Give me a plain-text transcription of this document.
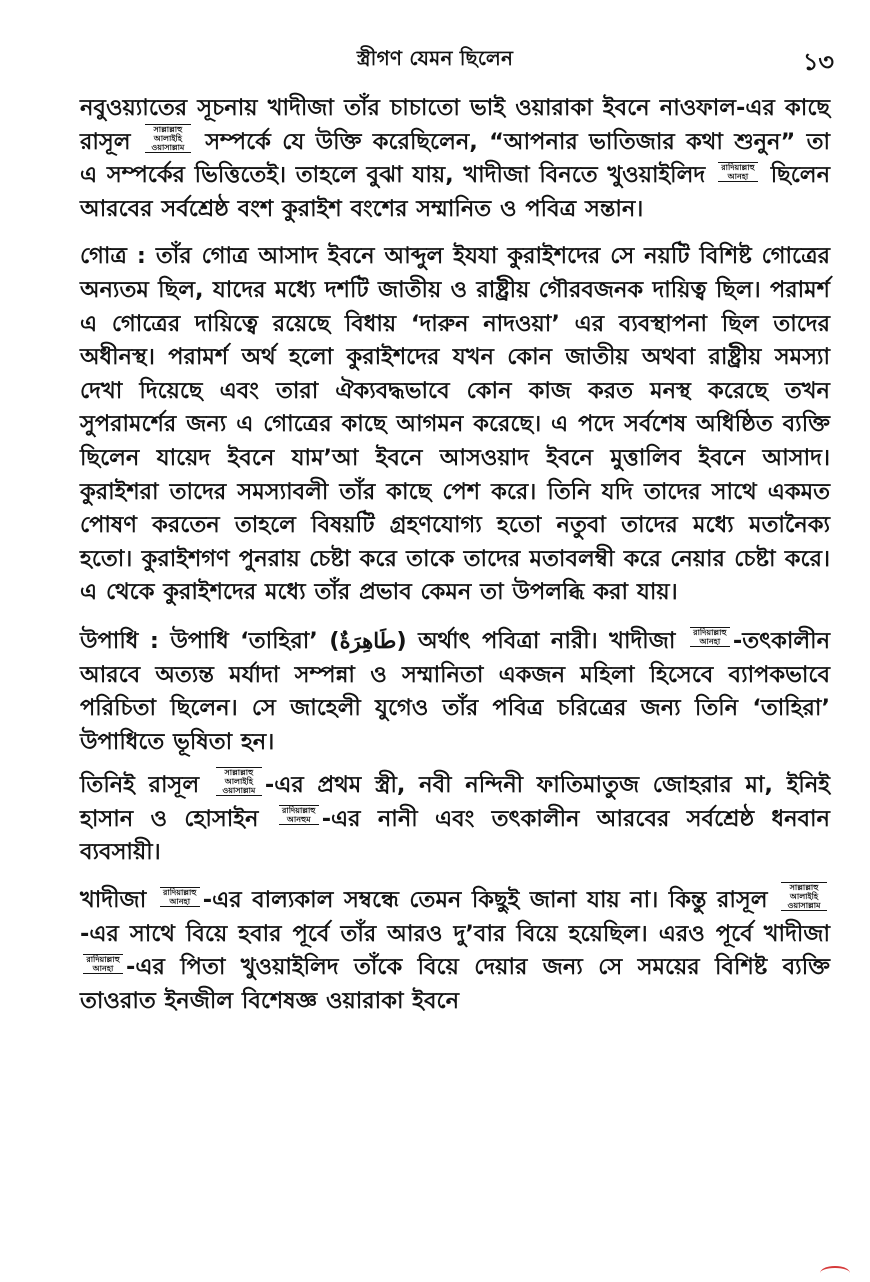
স্ত্রীগণ যেমন ছিলেন	১৩

নবুওয়্যাতের সূচনায় খাদীজা তাঁর চাচাতো ভাই ওয়ারাকা ইবনে নাওফাল-এর কাছে রাসূল	সাল্লাল্লাহু আলাইহি ওয়াসাল্লাম সম্পর্কে যে উক্তি করেছিলেন, “আপনার ভাতিজার কথা শুনুন” তা এ সম্পর্কের ভিত্তিতেই। তাহলে বুঝা যায়, খাদীজা বিনতে খুওয়াইলিদ রাদিয়াল্লাহু আনহা ছিলেন আরবের সর্বশ্রেষ্ঠ বংশ কুরাইশ বংশের সম্মানিত ও পবিত্র সন্তান।

গোত্র : তাঁর গোত্র আসাদ ইবনে আব্দুল ইযযা কুরাইশদের সে নয়টি বিশিষ্ট গোত্রের অন্যতম ছিল, যাদের মধ্যে দশটি জাতীয় ও রাষ্ট্রীয় গৌরবজনক দায়িত্ব ছিল। পরামর্শ এ গোত্রের দায়িত্বে রয়েছে বিধায় ‘দারুন নাদওয়া’ এর ব্যবস্থাপনা ছিল তাদের অধীনস্থ। পরামর্শ অর্থ হলো কুরাইশদের যখন কোন জাতীয় অথবা রাষ্ট্রীয় সমস্যা দেখা দিয়েছে এবং তারা ঐক্যবদ্ধভাবে কোন কাজ করত মনস্থ করেছে তখন সুপরামর্শের জন্য এ গোত্রের কাছে আগমন করেছে। এ পদে সর্বশেষ অধিষ্ঠিত ব্যক্তি ছিলেন যায়েদ ইবনে যাম’আ ইবনে আসওয়াদ ইবনে মুত্তালিব ইবনে আসাদ। কুরাইশরা তাদের সমস্যাবলী তাঁর কাছে পেশ করে। তিনি যদি তাদের সাথে একমত পোষণ করতেন তাহলে বিষয়টি গ্রহণযোগ্য হতো নতুবা তাদের মধ্যে মতানৈক্য হতো। কুরাইশগণ পুনরায় চেষ্টা করে তাকে তাদের মতাবলম্বী করে নেয়ার চেষ্টা করে। এ থেকে কুরাইশদের মধ্যে তাঁর প্রভাব কেমন তা উপলব্ধি করা যায়।

উপাধি : উপাধি ‘তাহিরা’ (طَاهِرَةٌ) অর্থাৎ পবিত্রা নারী। খাদীজা রাদিয়াল্লাহু আনহা -তৎকালীন আরবে অত্যন্ত মর্যাদা সম্পন্না ও সম্মানিতা একজন মহিলা হিসেবে ব্যাপকভাবে পরিচিতা ছিলেন। সে জাহেলী যুগেও তাঁর পবিত্র চরিত্রের জন্য তিনি ‘তাহিরা’ উপাধিতে ভূষিতা হন।

তিনিই রাসূল	সাল্লাল্লাহু আলাইহি ওয়াসাল্লাম -এর প্রথম স্ত্রী, নবী নন্দিনী ফাতিমাতুজ জোহরার মা, ইনিই হাসান ও হোসাইন	রাদিয়াল্লাহু আনহুম -এর নানী এবং তৎকালীন আরবের সর্বশ্রেষ্ঠ ধনবান ব্যবসায়ী।

খাদীজা রাদিয়াল্লাহু আনহা -এর বাল্যকাল সম্বন্ধে তেমন কিছুই জানা যায় না। কিন্তু রাসূল	সাল্লাল্লাহু আলাইহি ওয়াসাল্লাম-এর সাথে বিয়ে হবার পূর্বে তাঁর আরও দু’বার বিয়ে হয়েছিল। এরও পূর্বে খাদীজা রাদিয়াল্লাহু আনহা -এর পিতা খুওয়াইলিদ তাঁকে বিয়ে দেয়ার জন্য সে সময়ের বিশিষ্ট ব্যক্তি তাওরাত ইনজীল বিশেষজ্ঞ ওয়ারাকা ইবনে
